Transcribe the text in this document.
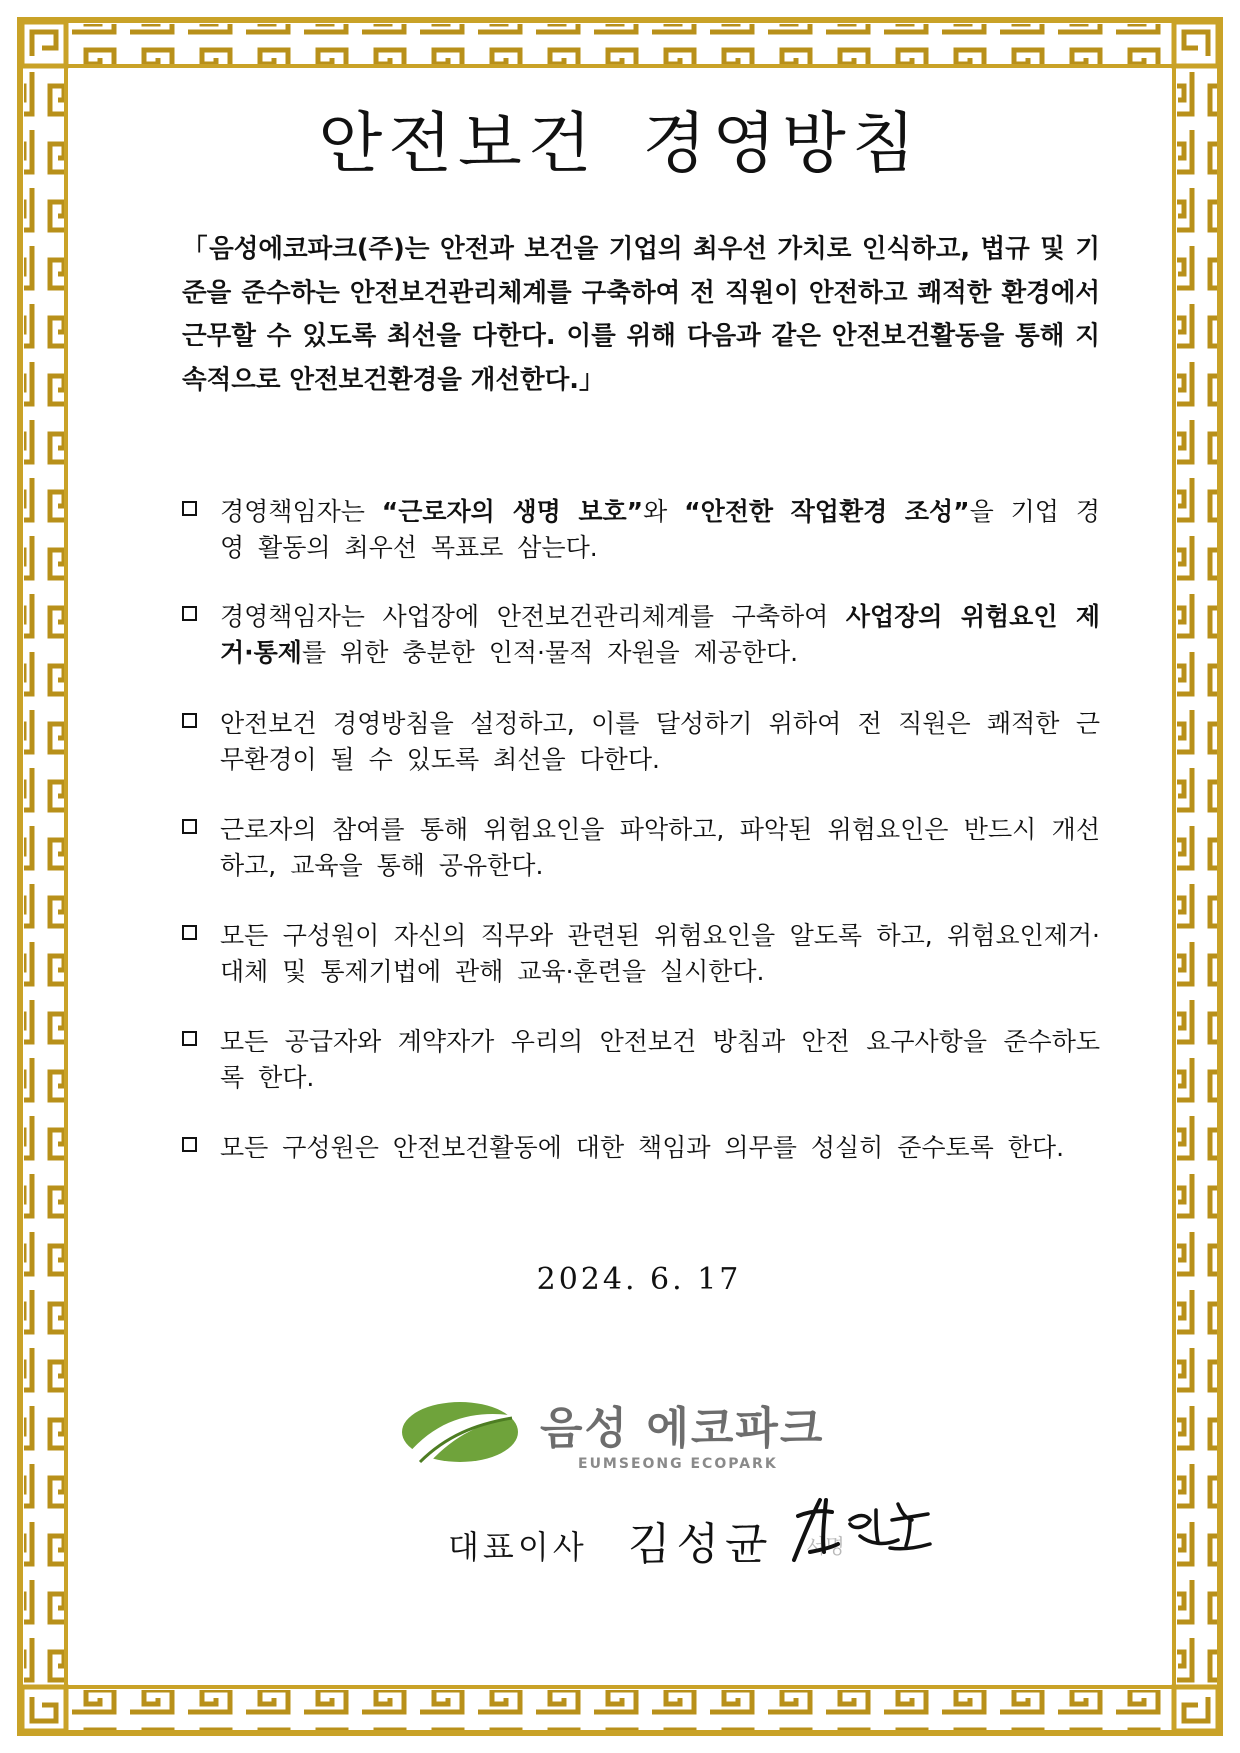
안전보건 경영방침
「음성에코파크(주)는 안전과 보건을 기업의 최우선 가치로 인식하고, 법규 및 기준을 준수하는 안전보건관리체계를 구축하여 전 직원이 안전하고 쾌적한 환경에서 근무할 수 있도록 최선을 다한다. 이를 위해 다음과 같은 안전보건활동을 통해 지속적으로 안전보건환경을 개선한다.」
경영책임자는 “근로자의 생명 보호”와 “안전한 작업환경 조성”을 기업 경영 활동의 최우선 목표로 삼는다.
경영책임자는 사업장에 안전보건관리체계를 구축하여 사업장의 위험요인 제거·통제를 위한 충분한 인적·물적 자원을 제공한다.
안전보건 경영방침을 설정하고, 이를 달성하기 위하여 전 직원은 쾌적한 근무환경이 될 수 있도록 최선을 다한다.
근로자의 참여를 통해 위험요인을 파악하고, 파악된 위험요인은 반드시 개선하고, 교육을 통해 공유한다.
모든 구성원이 자신의 직무와 관련된 위험요인을 알도록 하고, 위험요인제거·대체 및 통제기법에 관해 교육·훈련을 실시한다.
모든 공급자와 계약자가 우리의 안전보건 방침과 안전 요구사항을 준수하도록 한다.
모든 구성원은 안전보건활동에 대한 책임과 의무를 성실히 준수토록 한다.
2024. 6. 17
음성 에코파크
EUMSEONG ECOPARK
대표이사 김성균 서명
